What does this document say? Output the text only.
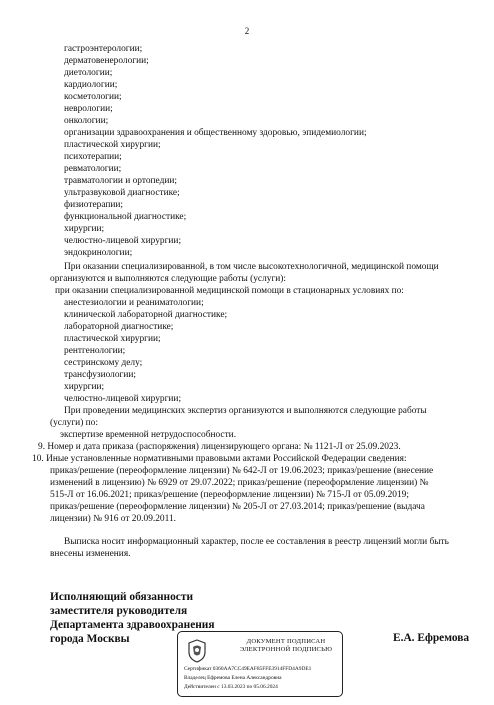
2
гастроэнтерологии;
дерматовенерологии;
диетологии;
кардиологии;
косметологии;
неврологии;
онкологии;
организации здравоохранения и общественному здоровью, эпидемиологии;
пластической хирургии;
психотерапии;
ревматологии;
травматологии и ортопедии;
ультразвуковой диагностике;
физиотерапии;
функциональной диагностике;
хирургии;
челюстно-лицевой хирургии;
эндокринологии;
При оказании специализированной, в том числе высокотехнологичной, медицинской помощи
организуются и выполняются следующие работы (услуги):
при оказании специализированной медицинской помощи в стационарных условиях по:
анестезиологии и реаниматологии;
клинической лабораторной диагностике;
лабораторной диагностике;
пластической хирургии;
рентгенологии;
сестринскому делу;
трансфузиологии;
хирургии;
челюстно-лицевой хирургии;
При проведении медицинских экспертиз организуются и выполняются следующие работы
(услуги) по:
экспертизе временной нетрудоспособности.
9. Номер и дата приказа (распоряжения) лицензирующего органа: № 1121-Л от 25.09.2023.
10. Иные установленные нормативными правовыми актами Российской Федерации сведения:
приказ/решение (переоформление лицензии) № 642-Л от 19.06.2023; приказ/решение (внесение
изменений в лицензию) № 6929 от 29.07.2022; приказ/решение (переоформление лицензии) №
515-Л от 16.06.2021; приказ/решение (переоформление лицензии) № 715-Л от 05.09.2019;
приказ/решение (переоформление лицензии) № 205-Л от 27.03.2014; приказ/решение (выдача
лицензии) № 916 от 20.09.2011.
Выписка носит информационный характер, после ее составления в реестр лицензий могли быть
внесены изменения.
Исполняющий обязанности
заместителя руководителя
Департамента здравоохранения
города Москвы	Е.А. Ефремова
ДОКУМЕНТ ПОДПИСАН ЭЛЕКТРОННОЙ ПОДПИСЬЮ
Сертификат 0360AA7CC49EAF85FFE3914FFD4A9DE1
Владелец Ефремова Елена Александровна
Действителен с 13.03.2023 по 05.06.2024
